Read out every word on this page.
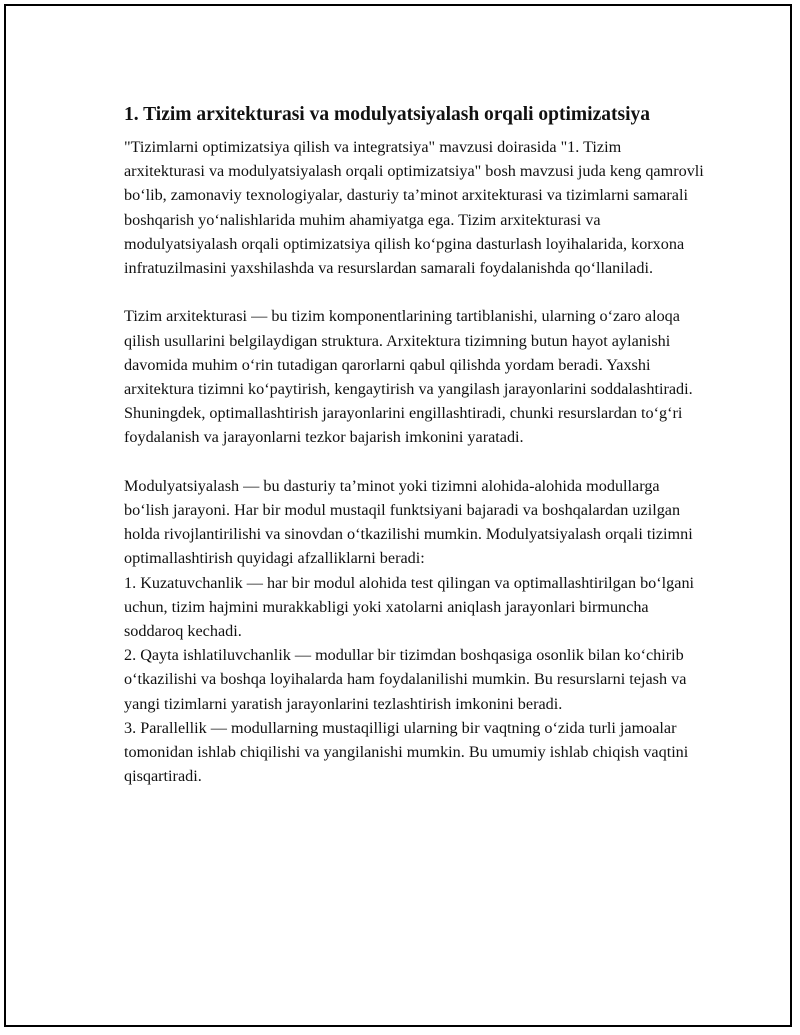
1. Tizim arxitekturasi va modulyatsiyalash orqali optimizatsiya
"Tizimlarni optimizatsiya qilish va integratsiya" mavzusi doirasida "1. Tizim arxitekturasi va modulyatsiyalash orqali optimizatsiya" bosh mavzusi juda keng qamrovli bo‘lib, zamonaviy texnologiyalar, dasturiy ta’minot arxitekturasi va tizimlarni samarali boshqarish yo‘nalishlarida muhim ahamiyatga ega. Tizim arxitekturasi va modulyatsiyalash orqali optimizatsiya qilish ko‘pgina dasturlash loyihalarida, korxona infratuzilmasini yaxshilashda va resurslardan samarali foydalanishda qo‘llaniladi.
Tizim arxitekturasi — bu tizim komponentlarining tartiblanishi, ularning o‘zaro aloqa qilish usullarini belgilaydigan struktura. Arxitektura tizimning butun hayot aylanishi davomida muhim o‘rin tutadigan qarorlarni qabul qilishda yordam beradi. Yaxshi arxitektura tizimni ko‘paytirish, kengaytirish va yangilash jarayonlarini soddalashtiradi. Shuningdek, optimallashtirish jarayonlarini engillashtiradi, chunki resurslardan to‘g‘ri foydalanish va jarayonlarni tezkor bajarish imkonini yaratadi.
Modulyatsiyalash — bu dasturiy ta’minot yoki tizimni alohida-alohida modullarga bo‘lish jarayoni. Har bir modul mustaqil funktsiyani bajaradi va boshqalardan uzilgan holda rivojlantirilishi va sinovdan o‘tkazilishi mumkin. Modulyatsiyalash orqali tizimni optimallashtirish quyidagi afzalliklarni beradi:
1. Kuzatuvchanlik — har bir modul alohida test qilingan va optimallashtirilgan bo‘lgani uchun, tizim hajmini murakkabligi yoki xatolarni aniqlash jarayonlari birmuncha soddaroq kechadi.
2. Qayta ishlatiluvchanlik — modullar bir tizimdan boshqasiga osonlik bilan ko‘chirib o‘tkazilishi va boshqa loyihalarda ham foydalanilishi mumkin. Bu resurslarni tejash va yangi tizimlarni yaratish jarayonlarini tezlashtirish imkonini beradi.
3. Parallellik — modullarning mustaqilligi ularning bir vaqtning o‘zida turli jamoalar tomonidan ishlab chiqilishi va yangilanishi mumkin. Bu umumiy ishlab chiqish vaqtini qisqartiradi.
